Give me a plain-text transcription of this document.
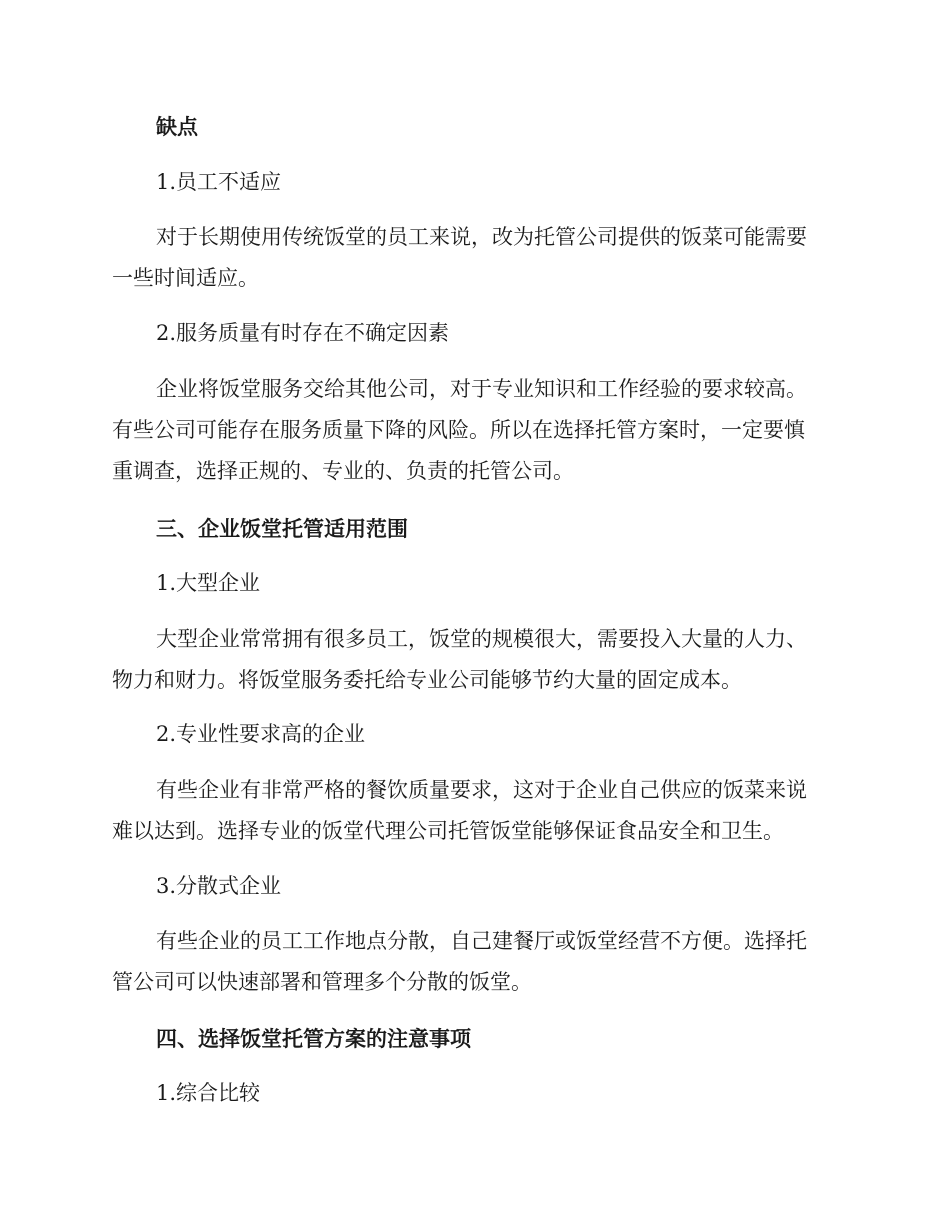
缺点

1.员工不适应

对于长期使用传统饭堂的员工来说，改为托管公司提供的饭菜可能需要

一些时间适应。

2.服务质量有时存在不确定因素

企业将饭堂服务交给其他公司，对于专业知识和工作经验的要求较高。

有些公司可能存在服务质量下降的风险。所以在选择托管方案时，一定要慎

重调查，选择正规的、专业的、负责的托管公司。

三、企业饭堂托管适用范围

1.大型企业

大型企业常常拥有很多员工，饭堂的规模很大，需要投入大量的人力、

物力和财力。将饭堂服务委托给专业公司能够节约大量的固定成本。

2.专业性要求高的企业

有些企业有非常严格的餐饮质量要求，这对于企业自己供应的饭菜来说

难以达到。选择专业的饭堂代理公司托管饭堂能够保证食品安全和卫生。

3.分散式企业

有些企业的员工工作地点分散，自己建餐厅或饭堂经营不方便。选择托

管公司可以快速部署和管理多个分散的饭堂。

四、选择饭堂托管方案的注意事项

1.综合比较
